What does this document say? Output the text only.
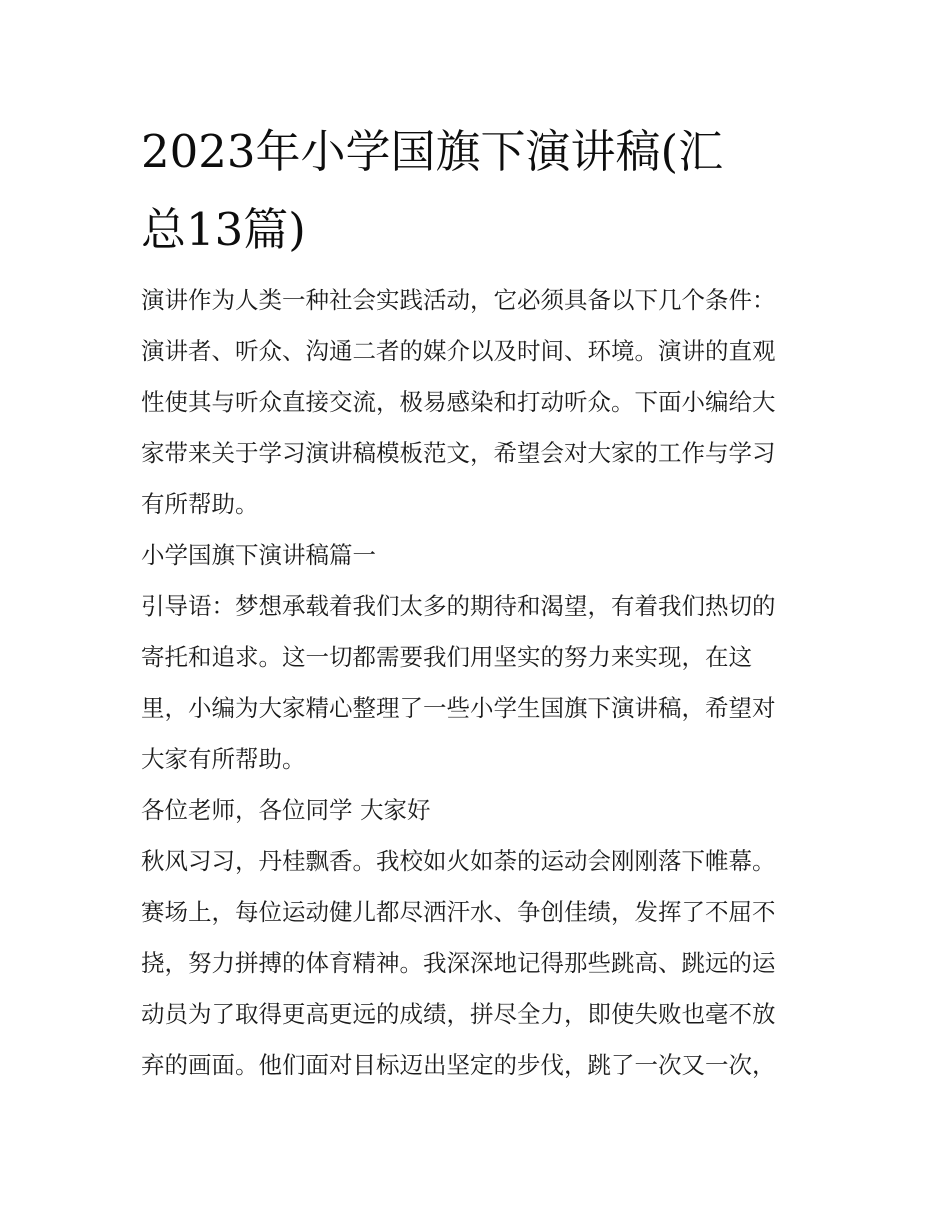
2023年小学国旗下演讲稿(汇
总13篇)

演讲作为人类一种社会实践活动，它必须具备以下几个条件：
演讲者、听众、沟通二者的媒介以及时间、环境。演讲的直观
性使其与听众直接交流，极易感染和打动听众。下面小编给大
家带来关于学习演讲稿模板范文，希望会对大家的工作与学习
有所帮助。

小学国旗下演讲稿篇一

引导语：梦想承载着我们太多的期待和渴望，有着我们热切的
寄托和追求。这一切都需要我们用坚实的努力来实现，在这
里，小编为大家精心整理了一些小学生国旗下演讲稿，希望对
大家有所帮助。

各位老师，各位同学 大家好

秋风习习，丹桂飘香。我校如火如荼的运动会刚刚落下帷幕。
赛场上，每位运动健儿都尽洒汗水、争创佳绩，发挥了不屈不
挠，努力拼搏的体育精神。我深深地记得那些跳高、跳远的运
动员为了取得更高更远的成绩，拼尽全力，即使失败也毫不放
弃的画面。他们面对目标迈出坚定的步伐，跳了一次又一次，
